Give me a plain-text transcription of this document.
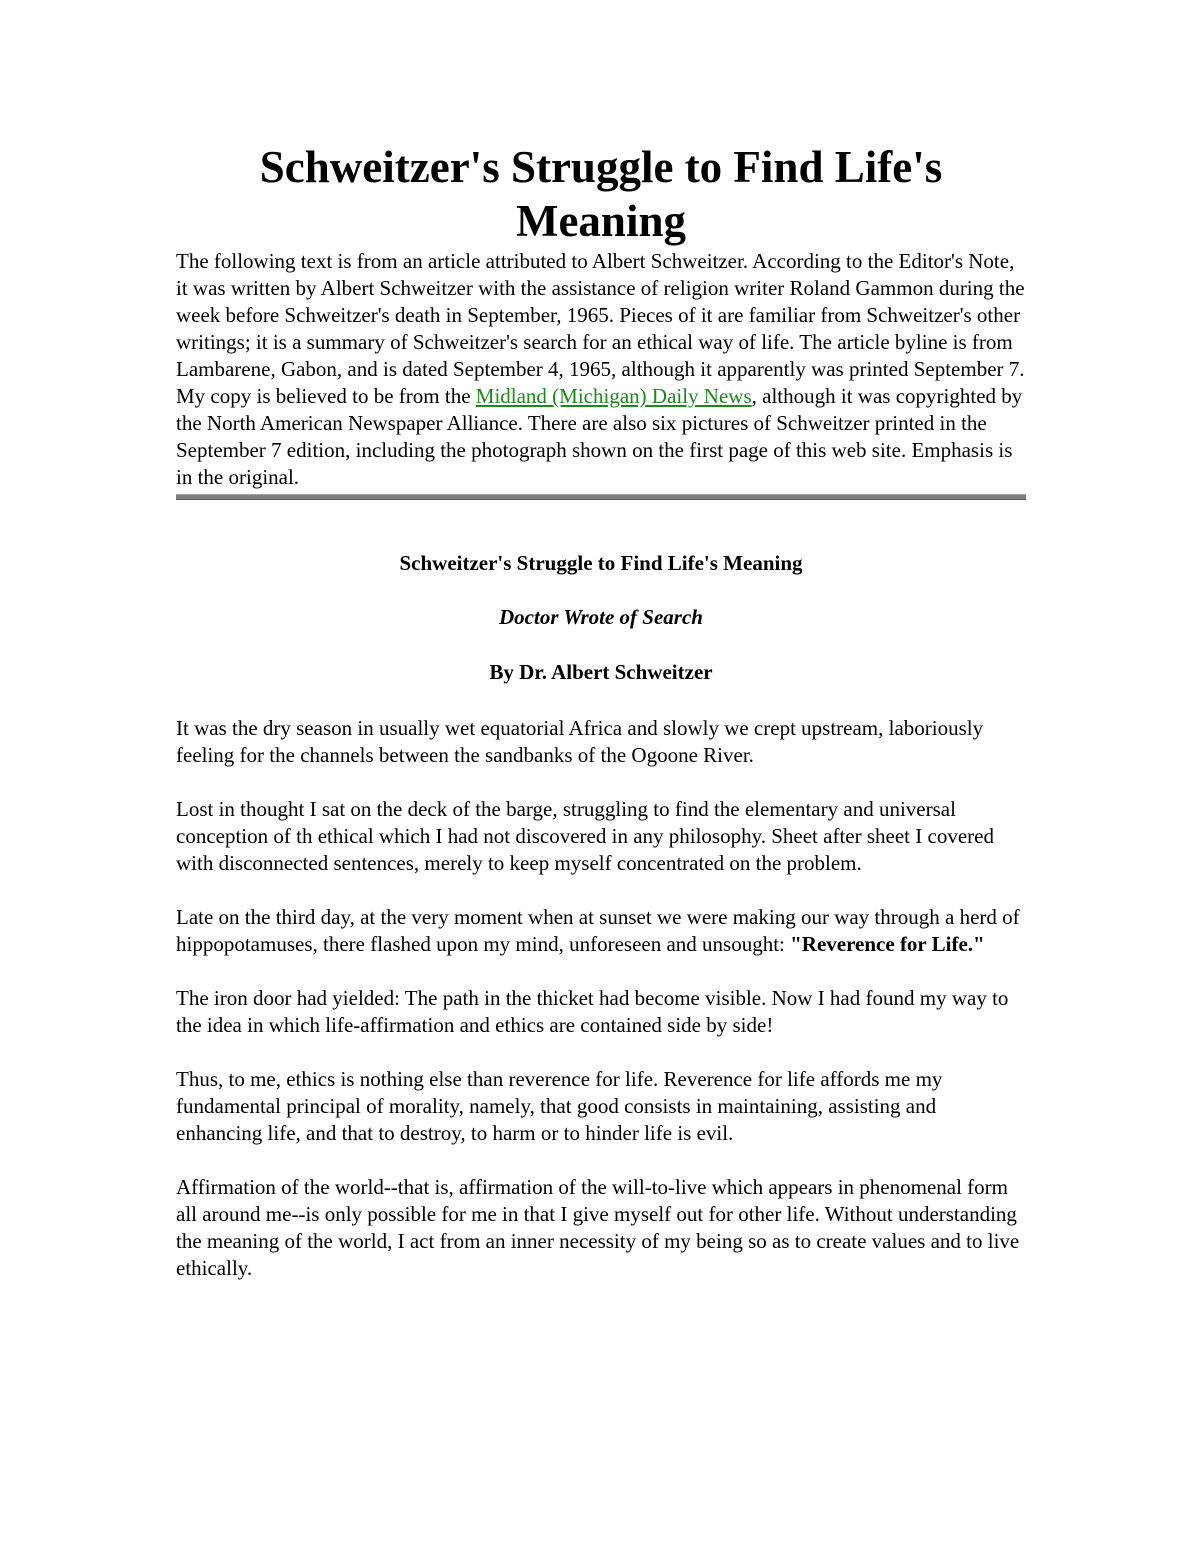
Schweitzer's Struggle to Find Life's Meaning

The following text is from an article attributed to Albert Schweitzer. According to the Editor's Note, it was written by Albert Schweitzer with the assistance of religion writer Roland Gammon during the week before Schweitzer's death in September, 1965. Pieces of it are familiar from Schweitzer's other writings; it is a summary of Schweitzer's search for an ethical way of life. The article byline is from Lambarene, Gabon, and is dated September 4, 1965, although it apparently was printed September 7. My copy is believed to be from the Midland (Michigan) Daily News, although it was copyrighted by the North American Newspaper Alliance. There are also six pictures of Schweitzer printed in the September 7 edition, including the photograph shown on the first page of this web site. Emphasis is in the original.

Schweitzer's Struggle to Find Life's Meaning

Doctor Wrote of Search

By Dr. Albert Schweitzer

It was the dry season in usually wet equatorial Africa and slowly we crept upstream, laboriously feeling for the channels between the sandbanks of the Ogoone River.

Lost in thought I sat on the deck of the barge, struggling to find the elementary and universal conception of th ethical which I had not discovered in any philosophy. Sheet after sheet I covered with disconnected sentences, merely to keep myself concentrated on the problem.

Late on the third day, at the very moment when at sunset we were making our way through a herd of hippopotamuses, there flashed upon my mind, unforeseen and unsought: "Reverence for Life."

The iron door had yielded: The path in the thicket had become visible. Now I had found my way to the idea in which life-affirmation and ethics are contained side by side!

Thus, to me, ethics is nothing else than reverence for life. Reverence for life affords me my fundamental principal of morality, namely, that good consists in maintaining, assisting and enhancing life, and that to destroy, to harm or to hinder life is evil.

Affirmation of the world--that is, affirmation of the will-to-live which appears in phenomenal form all around me--is only possible for me in that I give myself out for other life. Without understanding the meaning of the world, I act from an inner necessity of my being so as to create values and to live ethically.
